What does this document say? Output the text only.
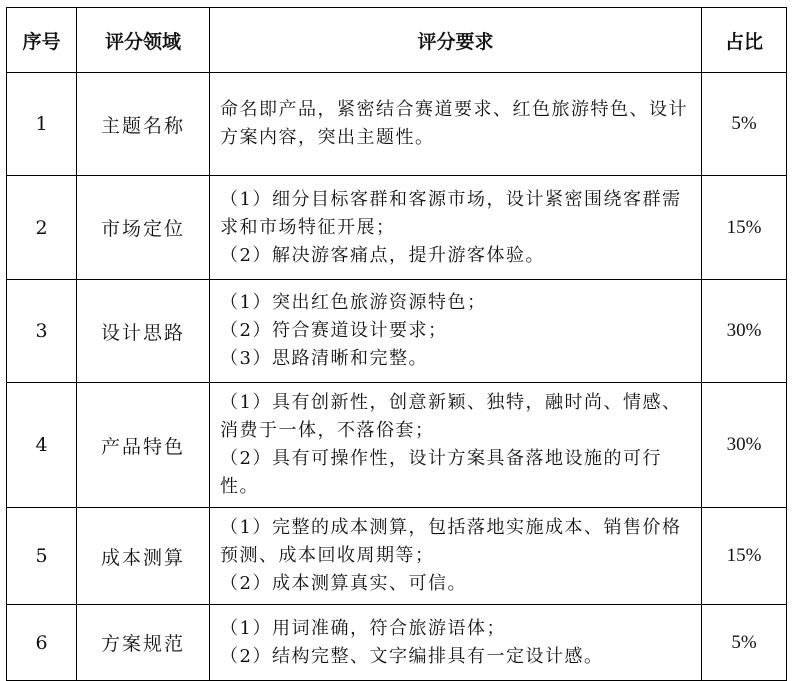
序号	评分领域	评分要求	占比
1	主题名称	命名即产品，紧密结合赛道要求、红色旅游特色、设计方案内容，突出主题性。	5%
2	市场定位	（1）细分目标客群和客源市场，设计紧密围绕客群需求和市场特征开展；
（2）解决游客痛点，提升游客体验。	15%
3	设计思路	（1）突出红色旅游资源特色；
（2）符合赛道设计要求；
（3）思路清晰和完整。	30%
4	产品特色	（1）具有创新性，创意新颖、独特，融时尚、情感、消费于一体，不落俗套；
（2）具有可操作性，设计方案具备落地设施的可行性。	30%
5	成本测算	（1）完整的成本测算，包括落地实施成本、销售价格预测、成本回收周期等；
（2）成本测算真实、可信。	15%
6	方案规范	（1）用词准确，符合旅游语体；
（2）结构完整、文字编排具有一定设计感。	5%
